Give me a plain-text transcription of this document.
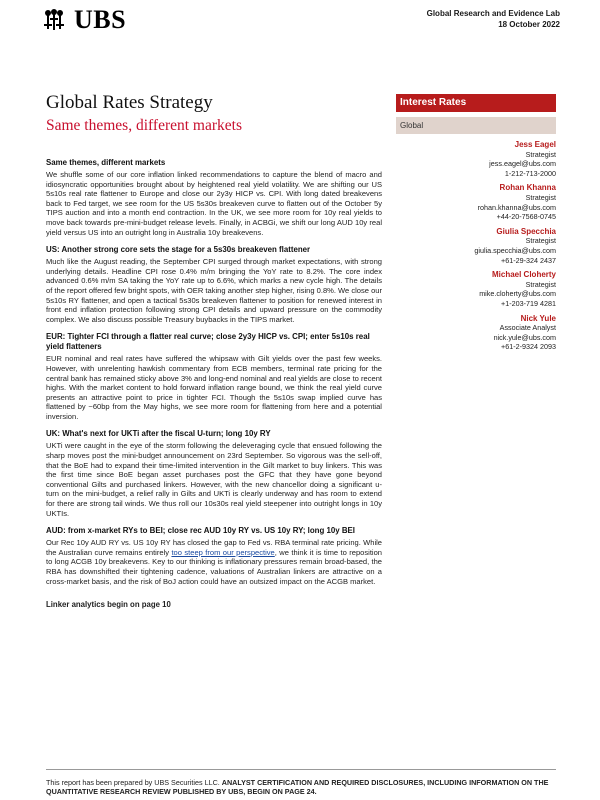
UBS	Global Research and Evidence Lab
18 October 2022
Global Rates Strategy
Same themes, different markets
Interest Rates
Global
Jess Eagel
Strategist
jess.eagel@ubs.com
1-212-713-2000
Rohan Khanna
Strategist
rohan.khanna@ubs.com
+44-20-7568-0745
Giulia Specchia
Strategist
giulia.specchia@ubs.com
+61-29-324 2437
Michael Cloherty
Strategist
mike.cloherty@ubs.com
+1-203-719 4281
Nick Yule
Associate Analyst
nick.yule@ubs.com
+61-2-9324 2093
Same themes, different markets

We shuffle some of our core inflation linked recommendations to capture the blend of macro and idiosyncratic opportunities brought about by heightened real yield volatility. We are shifting our US 5s10s real rate flattener to Europe and close our 2y3y HICP vs. CPI. With long dated breakevens back to Fed target, we see room for the US 5s30s breakeven curve to flatten out of the October 5y TIPS auction and into a month end contraction. In the UK, we see more room for 10y real yields to move back towards pre-mini-budget release levels. Finally, in ACBGi, we shift our long AUD 10y real yield versus US into an outright long in Australia 10y breakevens.

US: Another strong core sets the stage for a 5s30s breakeven flattener

Much like the August reading, the September CPI surged through market expectations, with strong underlying details. Headline CPI rose 0.4% m/m bringing the YoY rate to 8.2%. The core index advanced 0.6% m/m SA taking the YoY rate up to 6.6%, which marks a new cycle high. The details of the report offered few bright spots, with OER taking another step higher, rising 0.8%. We close our 5s10s RY flattener, and open a tactical 5s30s breakeven flattener to position for renewed interest in front end inflation protection following strong CPI details and upward pressure on the commodity complex. We also discuss possible Treasury buybacks in the TIPS market.

EUR: Tighter FCI through a flatter real curve; close 2y3y HICP vs. CPI; enter 5s10s real yield flatteners

EUR nominal and real rates have suffered the whipsaw with Gilt yields over the past few weeks. However, with unrelenting hawkish commentary from ECB members, terminal rate pricing for the central bank has remained sticky above 3% and long-end nominal and real yields are close to recent highs. With the market content to hold forward inflation range bound, we think the real yield curve presents an attractive point to price in tighter FCI. Though the 5s10s swap implied curve has flattened by ~60bp from the May highs, we see more room for flattening from here and a potential inversion.

UK: What's next for UKTi after the fiscal U-turn; long 10y RY

UKTi were caught in the eye of the storm following the deleveraging cycle that ensued following the sharp moves post the mini-budget announcement on 23rd September. So vigorous was the sell-off, that the BoE had to expand their time-limited intervention in the Gilt market to buy linkers. This was the first time since BoE began asset purchases post the GFC that they have gone beyond conventional Gilts and purchased linkers. However, with the new chancellor doing a significant u-turn on the mini-budget, a relief rally in Gilts and UKTi is clearly underway and has room to extend for there are strong tail winds. We thus roll our 10s30s real yield steepener into outright longs in 10y UKTIs.

AUD: from x-market RYs to BEI; close rec AUD 10y RY vs. US 10y RY; long 10y BEI

Our Rec 10y AUD RY vs. US 10y RY has closed the gap to Fed vs. RBA terminal rate pricing. While the Australian curve remains entirely too steep from our perspective, we think it is time to reposition to long ACGB 10y breakevens. Key to our thinking is inflationary pressures remain broad-based, the RBA has downshifted their tightening cadence, valuations of Australian linkers are attractive on a cross-market basis, and the risk of BoJ action could have an outsized impact on the ACGB market.

Linker analytics begin on page 10
This report has been prepared by UBS Securities LLC. ANALYST CERTIFICATION AND REQUIRED DISCLOSURES, INCLUDING INFORMATION ON THE QUANTITATIVE RESEARCH REVIEW PUBLISHED BY UBS, BEGIN ON PAGE 24.
